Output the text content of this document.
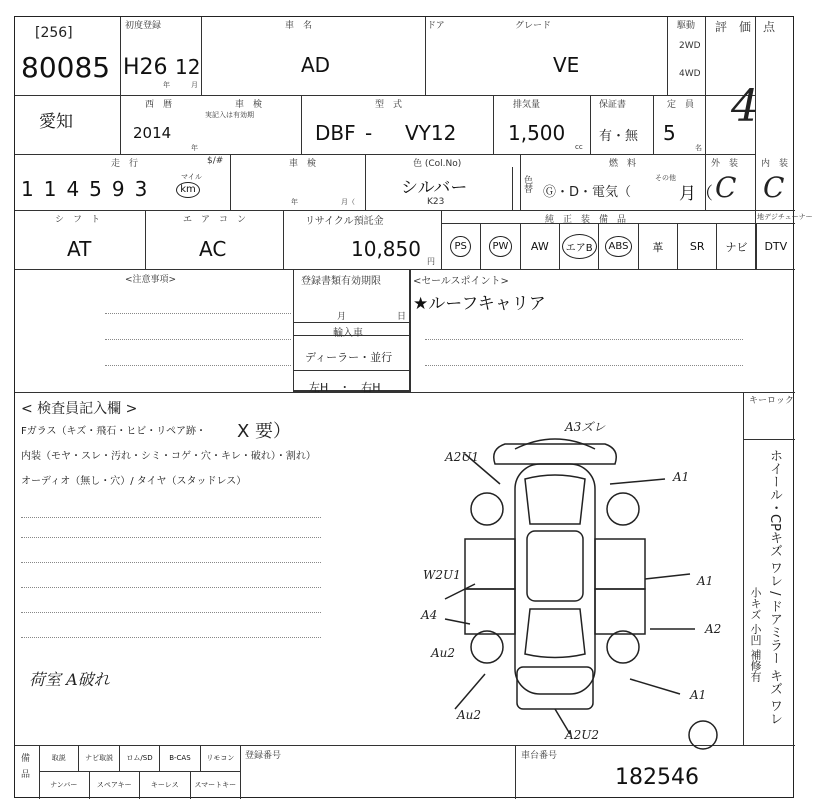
[256]
80085
初度登録
H26 12
年	月
車　名
AD
ドア	グレード
VE
駆動
2WD
4WD
評　価　点
4
愛知
西　暦
2014
年
車　検
実記入は有効期
型　式
DBF - VY12
排気量
1,500
cc
保証書
有・無
定　員
5
名
走　行	$/#
114593	マイル
km
車　検
年	月（
色 (Col.No)
シルバー
K23
色替
燃　料
Ⓖ・D・電気（
その他
月（
外　装
C
内　装
C
シ　フ　ト
AT
エ　ア　コ　ン
AC
リサイクル預託金
10,850
円
純　正　装　備　品	地デジチューナー
PS	PW	AW	エアB	ABS	革 SR ナビ DTV
<注意事項>	登録書類有効期限
月	日
輸入車
ディーラー・並行
左H　・　右H
<セールスポイント>
★ルーフキャリア
< 検査員記入欄 >
Fガラス（キズ・飛石・ヒビ・リペア跡・ X 要）
内装（モヤ・スレ・汚れ・シミ・コゲ・穴・キレ・破れ）・割れ）
オーディオ（無し・穴）/ タイヤ（スタッドレス）
荷室 A破れ
キーロック
ホイール・CPキズ ワレ / ドアミラー キズ ワレ
小キズ 小凹 補修有
A3ズレ
A2U1
A1
W2U1	A1
A4
A2
Au2
A1
Au2
A2U2
備
品
取説	ナビ取説	ロム/SD	B-CAS	リモコン
ナンバー	スペアキー	キーレス	スマートキー
登録番号	車台番号
182546
